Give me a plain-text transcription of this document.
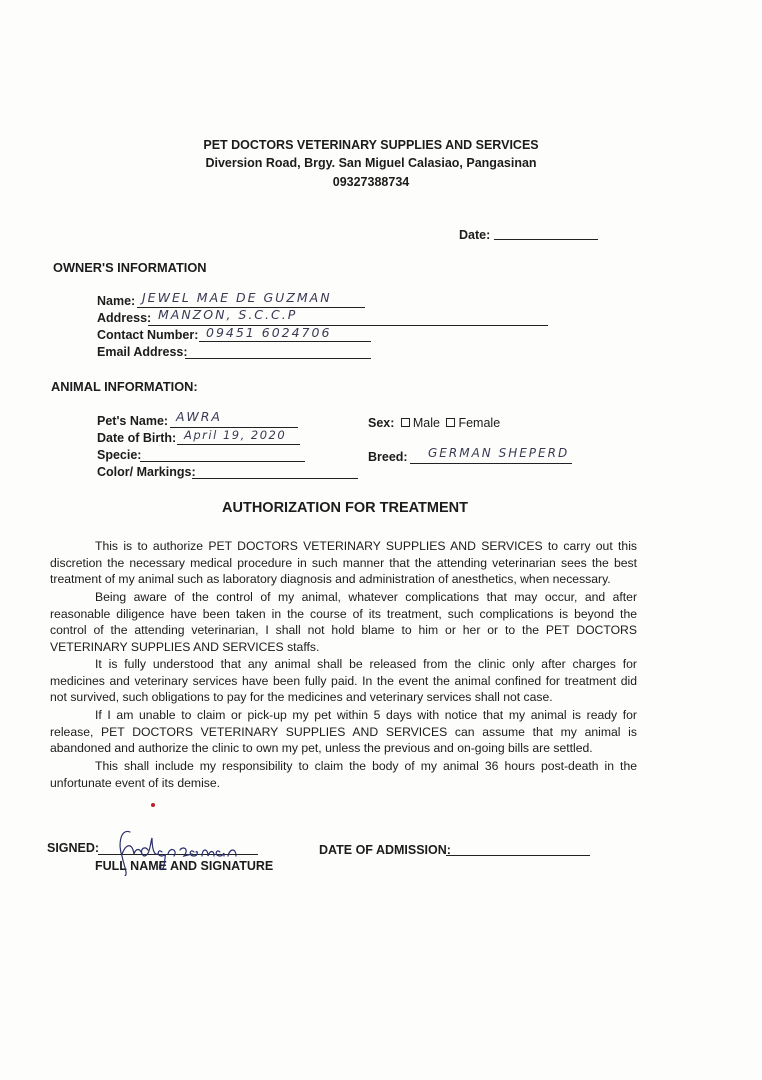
PET DOCTORS VETERINARY SUPPLIES AND SERVICES
Diversion Road, Brgy. San Miguel Calasiao, Pangasinan
09327388734
Date:
OWNER'S INFORMATION
Name: JEWEL MAE DE GUZMAN
Address: MANZON, S.C.C.P
Contact Number: 09451 6024706
Email Address:
ANIMAL INFORMATION:
Pet's Name: AWRA
Date of Birth: April 19, 2020
Specie:
Color/ Markings:
Sex: Male Female
Breed: GERMAN SHEPERD
AUTHORIZATION FOR TREATMENT

This is to authorize PET DOCTORS VETERINARY SUPPLIES AND SERVICES to carry out this discretion the necessary medical procedure in such manner that the attending veterinarian sees the best treatment of my animal such as laboratory diagnosis and administration of anesthetics, when necessary.

Being aware of the control of my animal, whatever complications that may occur, and after reasonable diligence have been taken in the course of its treatment, such complications is beyond the control of the attending veterinarian, I shall not hold blame to him or her or to the PET DOCTORS VETERINARY SUPPLIES AND SERVICES staffs.

It is fully understood that any animal shall be released from the clinic only after charges for medicines and veterinary services have been fully paid. In the event the animal confined for treatment did not survived, such obligations to pay for the medicines and veterinary services shall not case.

If I am unable to claim or pick-up my pet within 5 days with notice that my animal is ready for release, PET DOCTORS VETERINARY SUPPLIES AND SERVICES can assume that my animal is abandoned and authorize the clinic to own my pet, unless the previous and on-going bills are settled.

This shall include my responsibility to claim the body of my animal 36 hours post-death in the unfortunate event of its demise.

SIGNED:
FULL NAME AND SIGNATURE
DATE OF ADMISSION:
